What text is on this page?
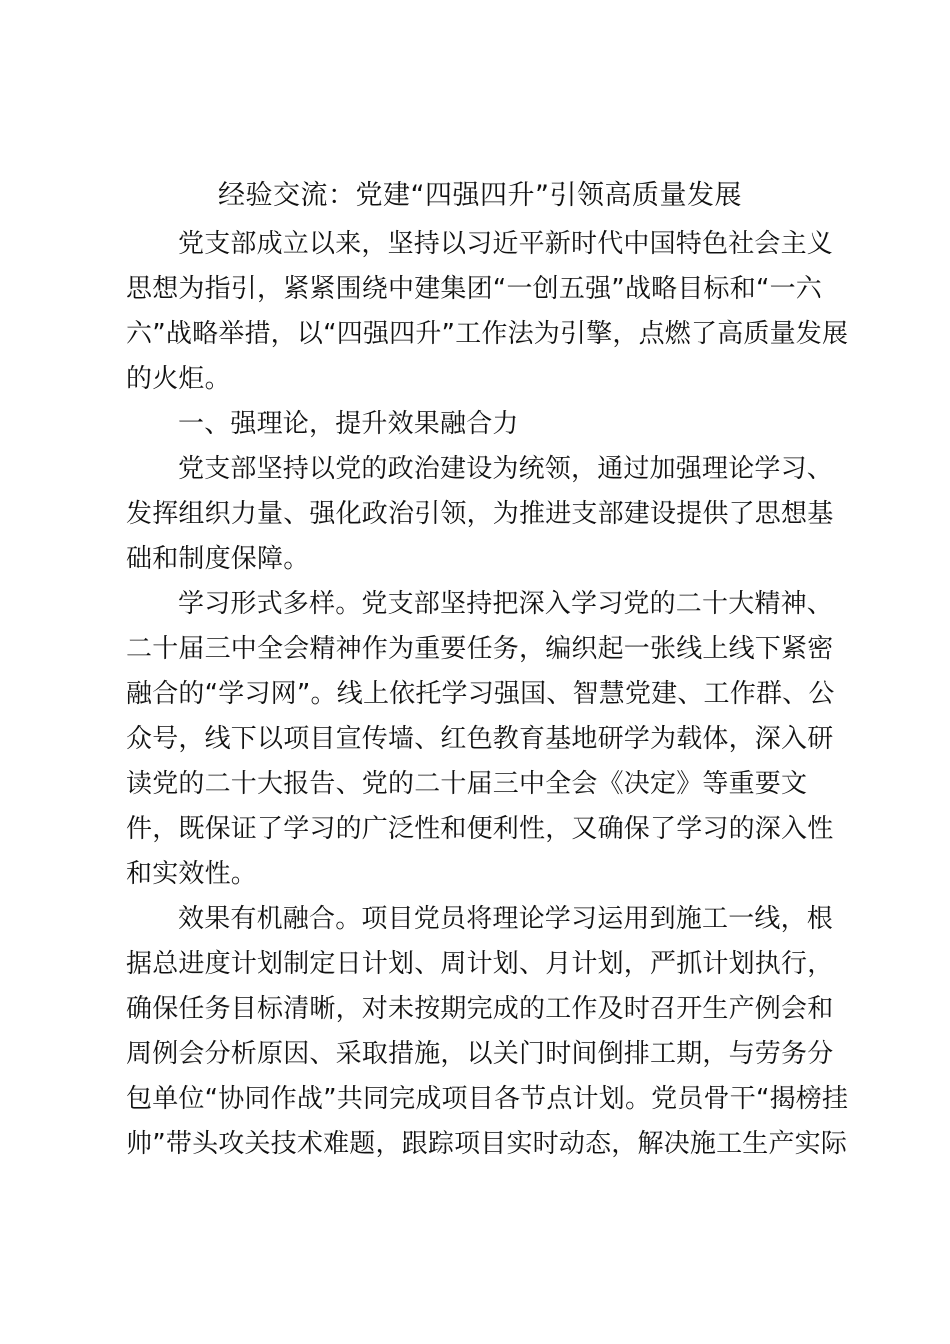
经验交流：党建“四强四升”引领高质量发展
党支部成立以来，坚持以习近平新时代中国特色社会主义
思想为指引，紧紧围绕中建集团“一创五强”战略目标和“一六
六”战略举措，以“四强四升”工作法为引擎，点燃了高质量发展
的火炬。
一、强理论，提升效果融合力
党支部坚持以党的政治建设为统领，通过加强理论学习、
发挥组织力量、强化政治引领，为推进支部建设提供了思想基
础和制度保障。
学习形式多样。党支部坚持把深入学习党的二十大精神、
二十届三中全会精神作为重要任务，编织起一张线上线下紧密
融合的“学习网”。线上依托学习强国、智慧党建、工作群、公
众号，线下以项目宣传墙、红色教育基地研学为载体，深入研
读党的二十大报告、党的二十届三中全会《决定》等重要文
件，既保证了学习的广泛性和便利性，又确保了学习的深入性
和实效性。
效果有机融合。项目党员将理论学习运用到施工一线，根
据总进度计划制定日计划、周计划、月计划，严抓计划执行，
确保任务目标清晰，对未按期完成的工作及时召开生产例会和
周例会分析原因、采取措施，以关门时间倒排工期，与劳务分
包单位“协同作战”共同完成项目各节点计划。党员骨干“揭榜挂
帅”带头攻关技术难题，跟踪项目实时动态，解决施工生产实际
